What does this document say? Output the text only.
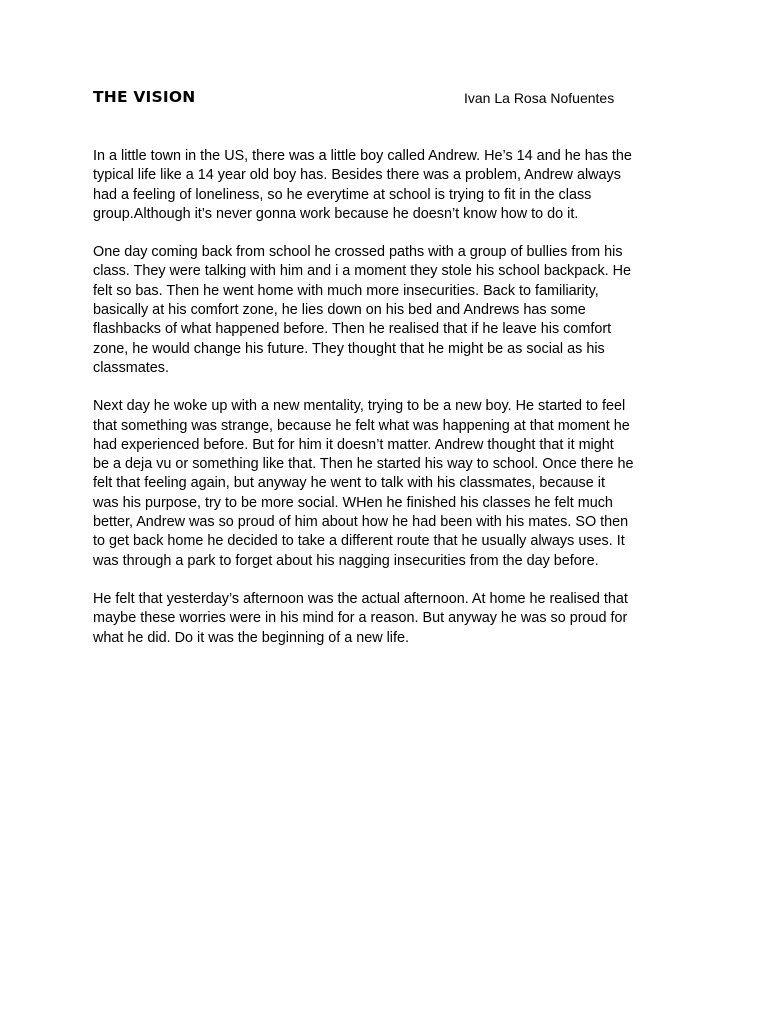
THE VISION	Ivan La Rosa Nofuentes

In a little town in the US, there was a little boy called Andrew. He’s 14 and he has the
typical life like a 14 year old boy has. Besides there was a problem, Andrew always
had a feeling of loneliness, so he everytime at school is trying to fit in the class
group.Although it’s never gonna work because he doesn’t know how to do it.

One day coming back from school he crossed paths with a group of bullies from his
class. They were talking with him and i a moment they stole his school backpack. He
felt so bas. Then he went home with much more insecurities. Back to familiarity,
basically at his comfort zone, he lies down on his bed and Andrews has some
flashbacks of what happened before. Then he realised that if he leave his comfort
zone, he would change his future. They thought that he might be as social as his
classmates.

Next day he woke up with a new mentality, trying to be a new boy. He started to feel
that something was strange, because he felt what was happening at that moment he
had experienced before. But for him it doesn’t matter. Andrew thought that it might
be a deja vu or something like that. Then he started his way to school. Once there he
felt that feeling again, but anyway he went to talk with his classmates, because it
was his purpose, try to be more social. WHen he finished his classes he felt much
better, Andrew was so proud of him about how he had been with his mates. SO then
to get back home he decided to take a different route that he usually always uses. It
was through a park to forget about his nagging insecurities from the day before.

He felt that yesterday’s afternoon was the actual afternoon. At home he realised that
maybe these worries were in his mind for a reason. But anyway he was so proud for
what he did. Do it was the beginning of a new life.
